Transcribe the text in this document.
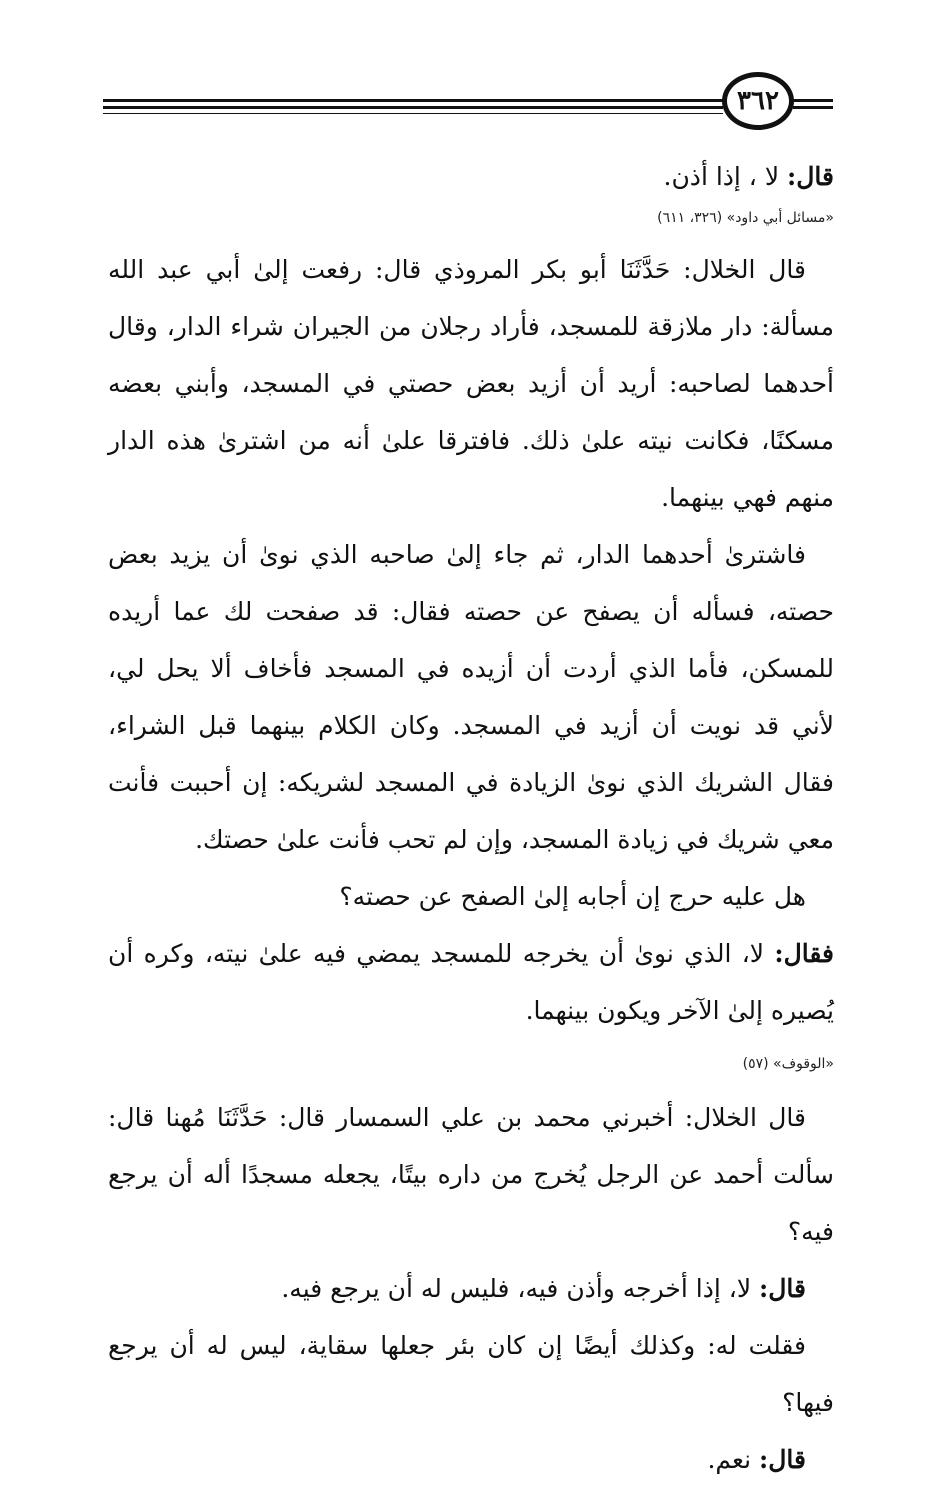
٣٦٢

قال: لا ، إذا أذن.

«مسائل أبي داود» (٣٢٦، ٦١١)

قال الخلال: حَدَّثَنَا أبو بكر المروذي قال: رفعت إلىٰ أبي عبد الله مسألة: دار ملازقة للمسجد، فأراد رجلان من الجيران شراء الدار، وقال أحدهما لصاحبه: أريد أن أزيد بعض حصتي في المسجد، وأبني بعضه مسكنًا، فكانت نيته علىٰ ذلك. فافترقا علىٰ أنه من اشترىٰ هذه الدار منهم فهي بينهما.

فاشترىٰ أحدهما الدار، ثم جاء إلىٰ صاحبه الذي نوىٰ أن يزيد بعض حصته، فسأله أن يصفح عن حصته فقال: قد صفحت لك عما أريده للمسكن، فأما الذي أردت أن أزيده في المسجد فأخاف ألا يحل لي، لأني قد نويت أن أزيد في المسجد. وكان الكلام بينهما قبل الشراء، فقال الشريك الذي نوىٰ الزيادة في المسجد لشريكه: إن أحببت فأنت معي شريك في زيادة المسجد، وإن لم تحب فأنت علىٰ حصتك.

هل عليه حرج إن أجابه إلىٰ الصفح عن حصته؟

فقال: لا، الذي نوىٰ أن يخرجه للمسجد يمضي فيه علىٰ نيته، وكره أن يُصيره إلىٰ الآخر ويكون بينهما.

«الوقوف» (٥٧)

قال الخلال: أخبرني محمد بن علي السمسار قال: حَدَّثَنَا مُهنا قال: سألت أحمد عن الرجل يُخرج من داره بيتًا، يجعله مسجدًا أله أن يرجع فيه؟

قال: لا، إذا أخرجه وأذن فيه، فليس له أن يرجع فيه.

فقلت له: وكذلك أيضًا إن كان بئر جعلها سقاية، ليس له أن يرجع فيها؟

قال: نعم.
